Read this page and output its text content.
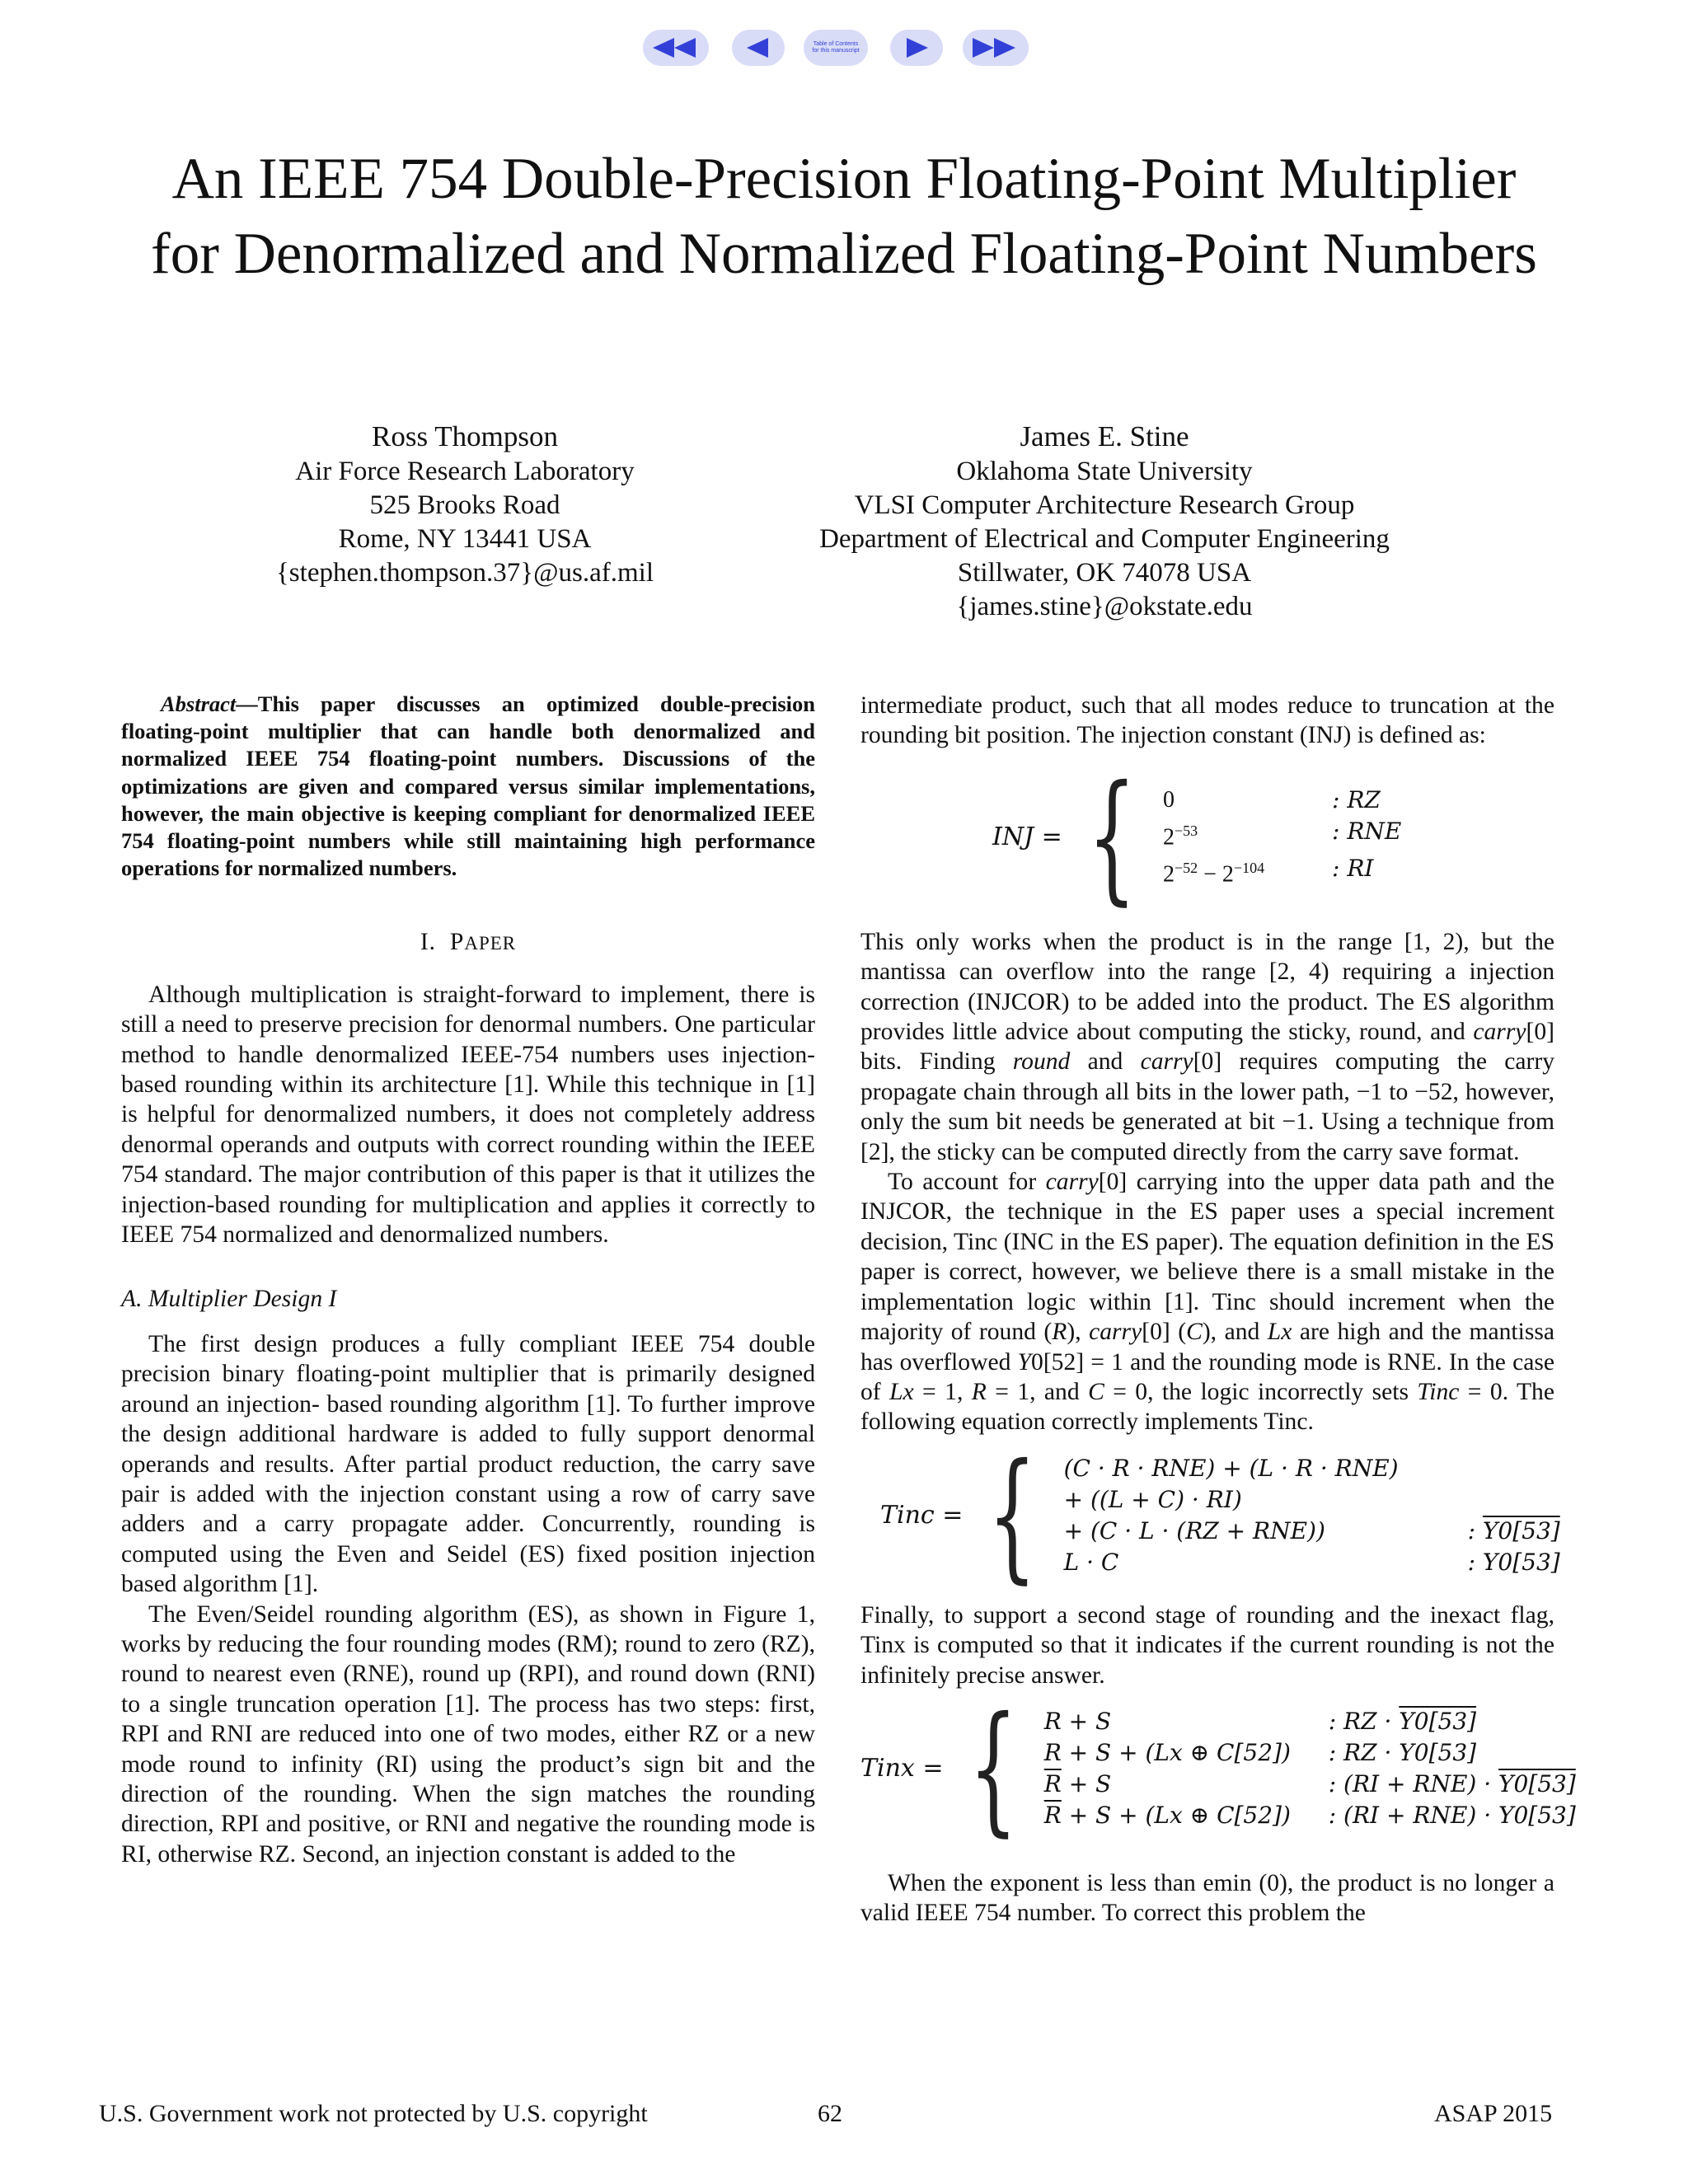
Table of Contents
for this manuscript
An IEEE 754 Double-Precision Floating-Point Multiplier for Denormalized and Normalized Floating-Point Numbers
Ross Thompson
Air Force Research Laboratory
525 Brooks Road
Rome, NY 13441 USA
{stephen.thompson.37}@us.af.mil
James E. Stine
Oklahoma State University
VLSI Computer Architecture Research Group
Department of Electrical and Computer Engineering
Stillwater, OK 74078 USA
{james.stine}@okstate.edu

Abstract—This paper discusses an optimized double-precision floating-point multiplier that can handle both denormalized and normalized IEEE 754 floating-point numbers. Discussions of the optimizations are given and compared versus similar implementations, however, the main objective is keeping compliant for denormalized IEEE 754 floating-point numbers while still maintaining high performance operations for normalized numbers.

I. PAPER

Although multiplication is straight-forward to implement, there is still a need to preserve precision for denormal numbers. One particular method to handle denormalized IEEE-754 numbers uses injection-based rounding within its architecture [1]. While this technique in [1] is helpful for denormalized numbers, it does not completely address denormal operands and outputs with correct rounding within the IEEE 754 standard. The major contribution of this paper is that it utilizes the injection-based rounding for multiplication and applies it correctly to IEEE 754 normalized and denormalized numbers.

A. Multiplier Design I

The first design produces a fully compliant IEEE 754 double precision binary floating-point multiplier that is primarily designed around an injection- based rounding algorithm [1]. To further improve the design additional hardware is added to fully support denormal operands and results. After partial product reduction, the carry save pair is added with the injection constant using a row of carry save adders and a carry propagate adder. Concurrently, rounding is computed using the Even and Seidel (ES) fixed position injection based algorithm [1].

The Even/Seidel rounding algorithm (ES), as shown in Figure 1, works by reducing the four rounding modes (RM); round to zero (RZ), round to nearest even (RNE), round up (RPI), and round down (RNI) to a single truncation operation [1]. The process has two steps: first, RPI and RNI are reduced into one of two modes, either RZ or a new mode round to infinity (RI) using the product’s sign bit and the direction of the rounding. When the sign matches the rounding direction, RPI and positive, or RNI and negative the rounding mode is RI, otherwise RZ. Second, an injection constant is added to the

intermediate product, such that all modes reduce to truncation at the rounding bit position. The injection constant (INJ) is defined as:

INJ = { 0	: RZ
$2^{-53}$	: RNE
$2^{-52} - 2^{-104}$	: RI

This only works when the product is in the range [1, 2), but the mantissa can overflow into the range [2, 4) requiring a injection correction (INJCOR) to be added into the product. The ES algorithm provides little advice about computing the sticky, round, and carry[0] bits. Finding round and carry[0] requires computing the carry propagate chain through all bits in the lower path, −1 to −52, however, only the sum bit needs be generated at bit −1. Using a technique from [2], the sticky can be computed directly from the carry save format.

To account for carry[0] carrying into the upper data path and the INJCOR, the technique in the ES paper uses a special increment decision, Tinc (INC in the ES paper). The equation definition in the ES paper is correct, however, we believe there is a small mistake in the implementation logic within [1]. Tinc should increment when the majority of round (R), carry[0] (C), and Lx are high and the mantissa has overflowed Y0[52] = 1 and the rounding mode is RNE. In the case of Lx = 1, R = 1, and C = 0, the logic incorrectly sets Tinc = 0. The following equation correctly implements Tinc.

Tinc = { (C · R · RNE) + (L · R · RNE)
+ ((L + C) · RI)
+ (C · L · (RZ + RNE))	: Y0[53]
L · C	: Y0[53]

Finally, to support a second stage of rounding and the inexact flag, Tinx is computed so that it indicates if the current rounding is not the infinitely precise answer.

Tinx = { R + S	: RZ · Y0[53]
R + S + (Lx ⊕ C[52])	: RZ · Y0[53]
$\overline{R} + S$	: (RI + RNE) · Y0[53]
$\overline{R} + S + (Lx$ ⊕ C[52])	: (RI + RNE) · Y0[53]

When the exponent is less than emin (0), the product is no longer a valid IEEE 754 number. To correct this problem the

U.S. Government work not protected by U.S. copyright	62	ASAP 2015
